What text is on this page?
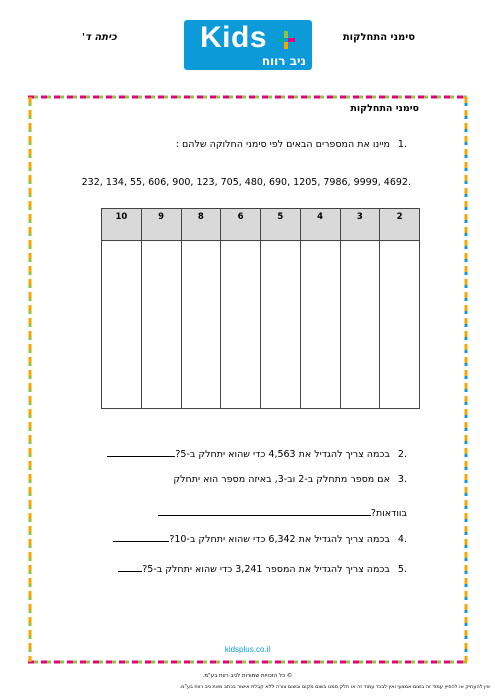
סימני התחלקות
כיתה ד'	Kids
ניב רווח
סימני התחלקות
.1מיינו את המספרים הבאים לפי סימני החלוקה שלהם :
232, 134, 55, 606, 900, 123, 705, 480, 690, 1205, 7986, 9999, 4692.
10	9	8	6	5	4	3	2

.2בכמה צריך להגדיל את 4,563 כדי שהוא יתחלק ב-5?
.3אם מספר מתחלק ב-2 וב-3, באיזה מספר הוא יתחלק
בוודאות?
.4בכמה צריך להגדיל את 6,342 כדי שהוא יתחלק ב-10?
.5בכמה צריך להגדיל את המספר 3,241 כדי שהוא יתחלק ב-5?
kidsplus.co.il
© כל הזכויות שמורות לניב רווח בע"מ.
אין להעתיק או להפיץ עמוד זה בשום אמצעי ואין לבכד עמוד זה או חלק ממנו בשום מקום ובשום צורה ללא קבלת אישור בכתב מאת ניב רווח בע"מ.
